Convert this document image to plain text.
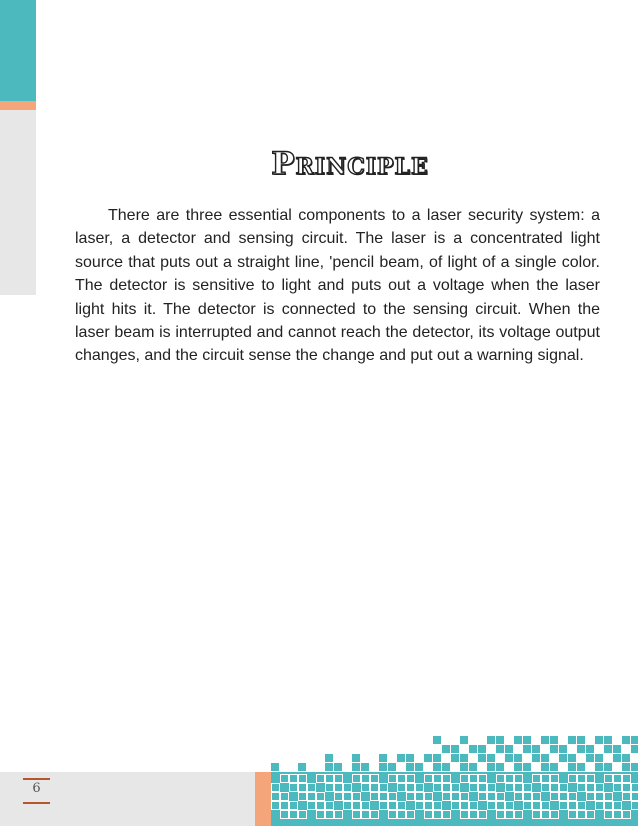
Principle

There are three essential components to a laser security system: a laser, a detector and sensing circuit. The laser is a concentrated light source that puts out a straight line, 'pencil beam, of light of a single color. The detector is sensitive to light and puts out a voltage when the laser light hits it. The detector is connected to the sensing circuit. When the laser beam is interrupted and cannot reach the detector, its voltage output changes, and the circuit sense the change and put out a warning signal.

6
